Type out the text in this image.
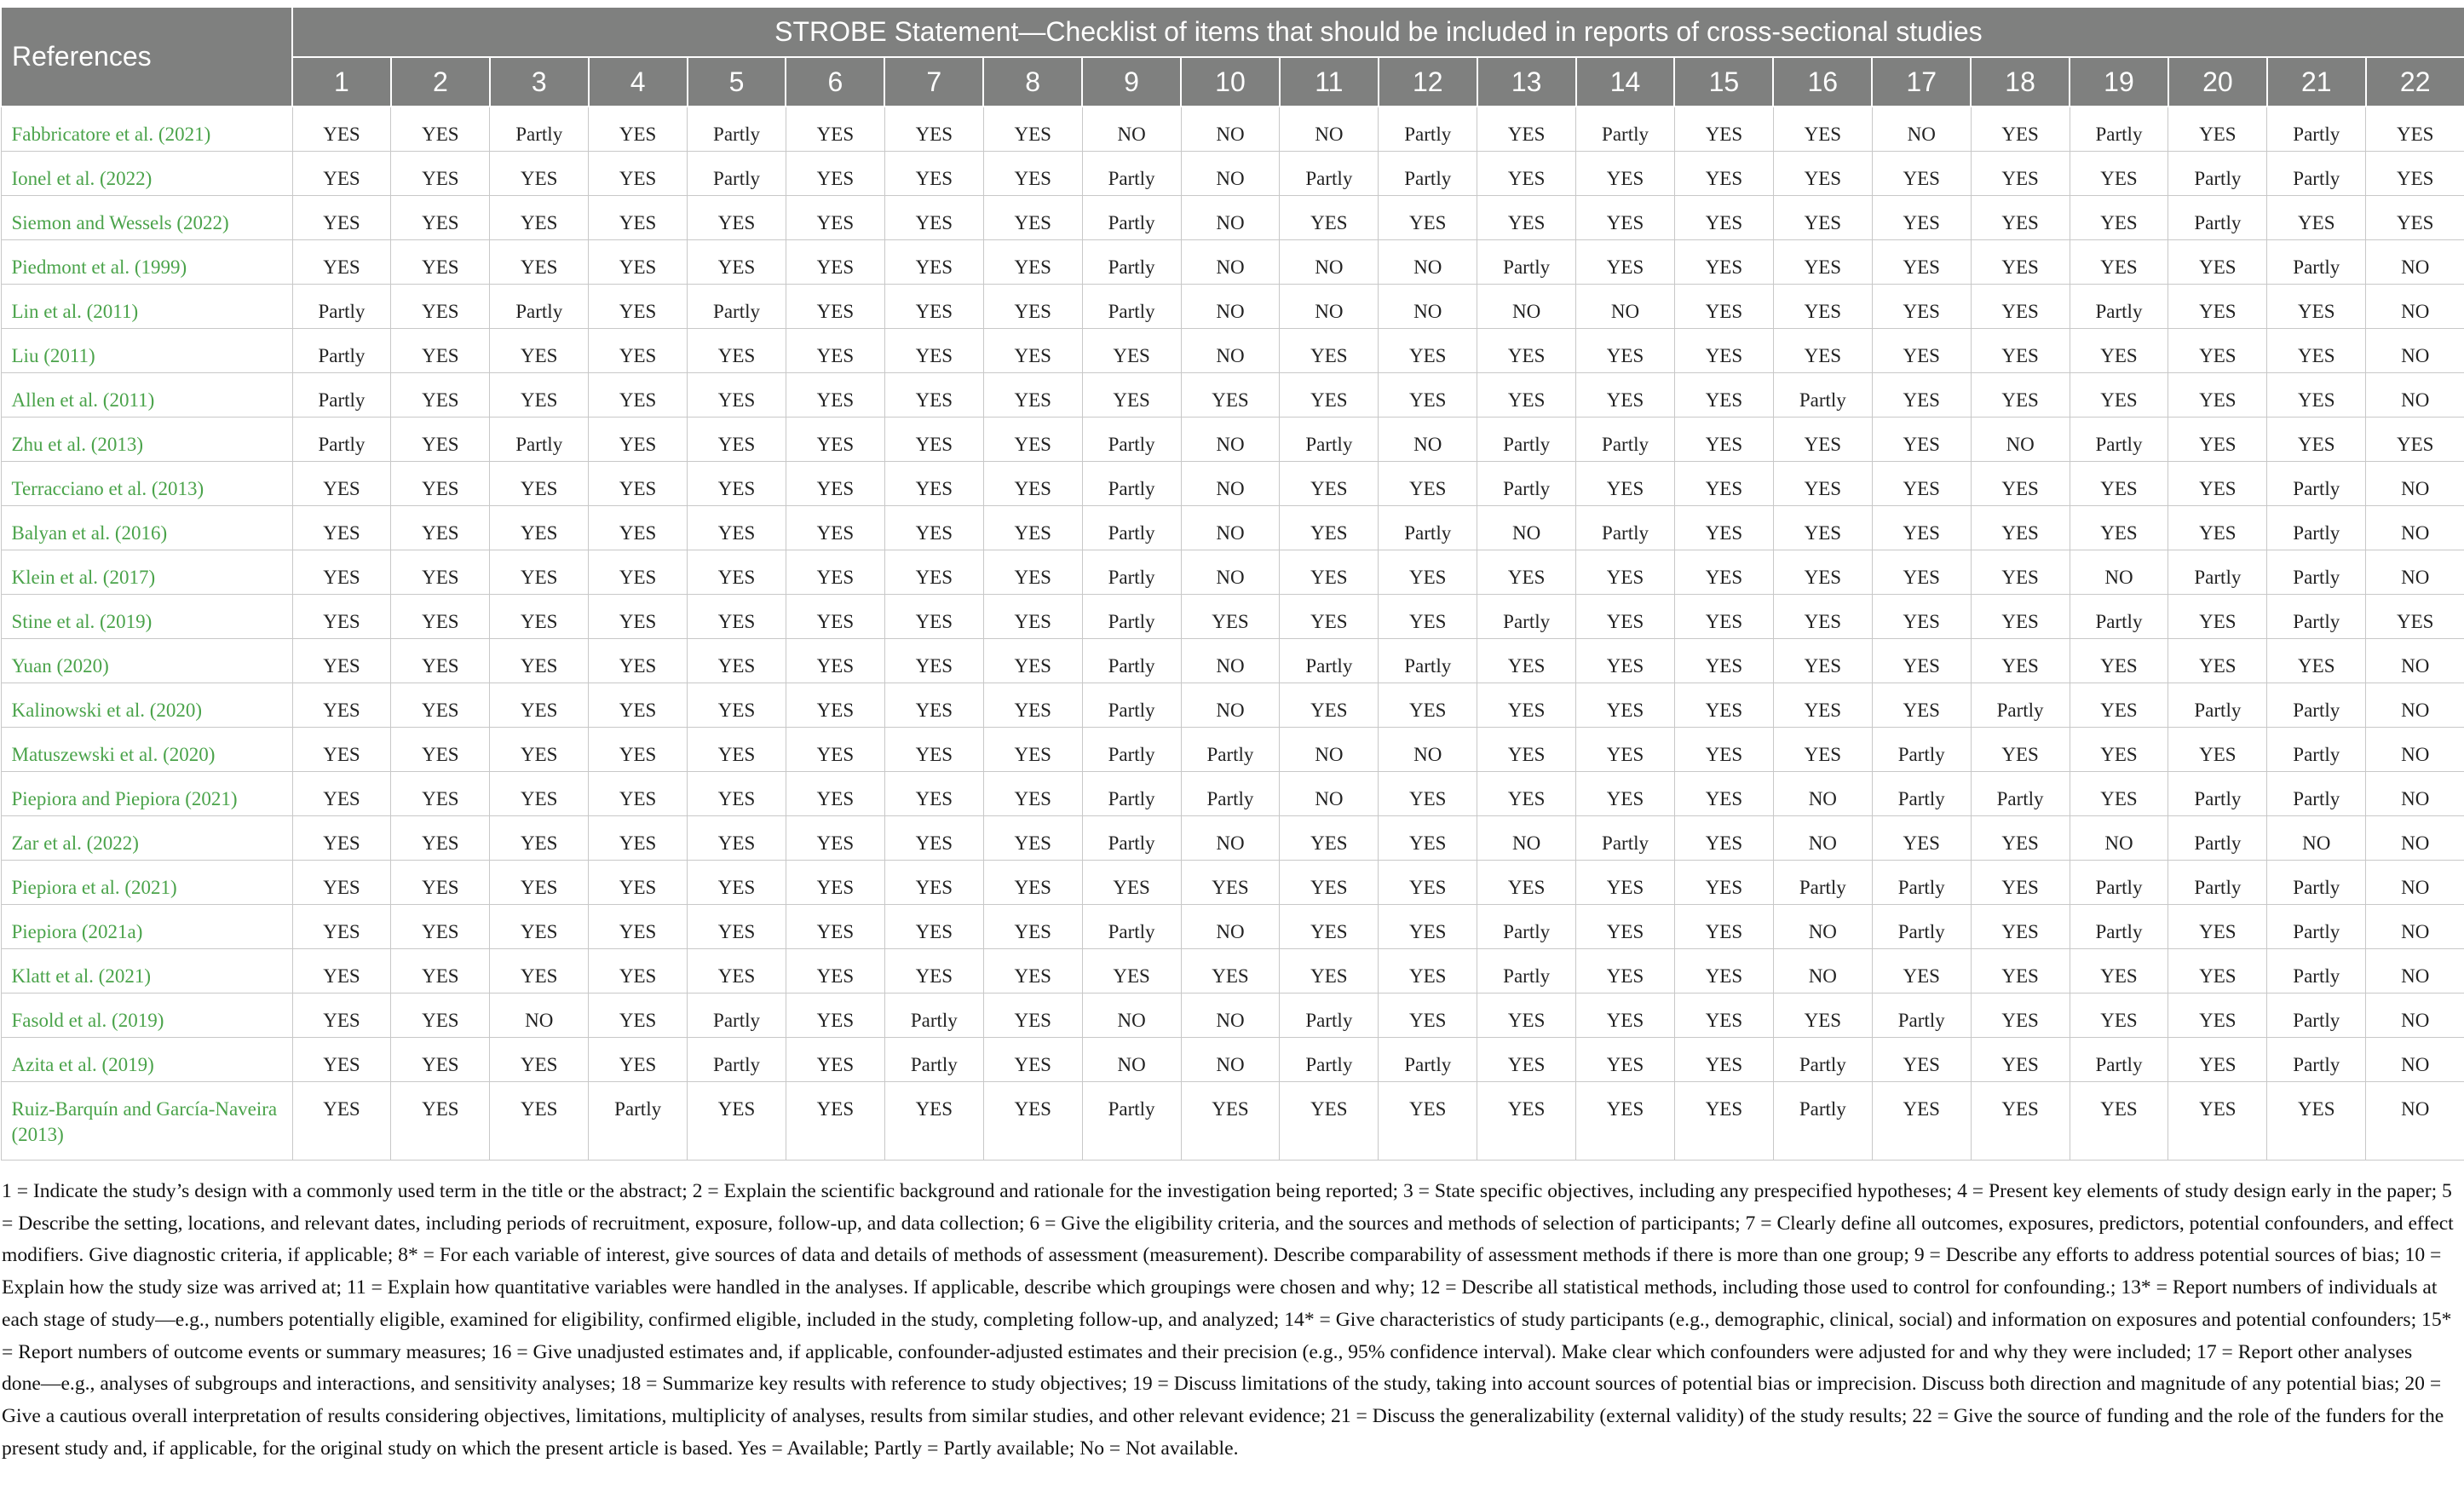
References	STROBE Statement—Checklist of items that should be included in reports of cross-sectional studies																					
	1	2	3	4	5	6	7	8	9	10	11	12	13	14	15	16	17	18	19	20	21	22
Fabbricatore et al. (2021)	YES	YES	Partly	YES	Partly	YES	YES	YES	NO	NO	NO	Partly	YES	Partly	YES	YES	NO	YES	Partly	YES	Partly	YES
Ionel et al. (2022)	YES	YES	YES	YES	Partly	YES	YES	YES	Partly	NO	Partly	Partly	YES	YES	YES	YES	YES	YES	YES	Partly	Partly	YES
Siemon and Wessels (2022)	YES	YES	YES	YES	YES	YES	YES	YES	Partly	NO	YES	YES	YES	YES	YES	YES	YES	YES	YES	Partly	YES	YES
Piedmont et al. (1999)	YES	YES	YES	YES	YES	YES	YES	YES	Partly	NO	NO	NO	Partly	YES	YES	YES	YES	YES	YES	YES	Partly	NO
Lin et al. (2011)	Partly	YES	Partly	YES	Partly	YES	YES	YES	Partly	NO	NO	NO	NO	NO	YES	YES	YES	YES	Partly	YES	YES	NO
Liu (2011)	Partly	YES	YES	YES	YES	YES	YES	YES	YES	NO	YES	YES	YES	YES	YES	YES	YES	YES	YES	YES	YES	NO
Allen et al. (2011)	Partly	YES	YES	YES	YES	YES	YES	YES	YES	YES	YES	YES	YES	YES	YES	Partly	YES	YES	YES	YES	YES	NO
Zhu et al. (2013)	Partly	YES	Partly	YES	YES	YES	YES	YES	Partly	NO	Partly	NO	Partly	Partly	YES	YES	YES	NO	Partly	YES	YES	YES
Terracciano et al. (2013)	YES	YES	YES	YES	YES	YES	YES	YES	Partly	NO	YES	YES	Partly	YES	YES	YES	YES	YES	YES	YES	Partly	NO
Balyan et al. (2016)	YES	YES	YES	YES	YES	YES	YES	YES	Partly	NO	YES	Partly	NO	Partly	YES	YES	YES	YES	YES	YES	Partly	NO
Klein et al. (2017)	YES	YES	YES	YES	YES	YES	YES	YES	Partly	NO	YES	YES	YES	YES	YES	YES	YES	YES	NO	Partly	Partly	NO
Stine et al. (2019)	YES	YES	YES	YES	YES	YES	YES	YES	Partly	YES	YES	YES	Partly	YES	YES	YES	YES	YES	Partly	YES	Partly	YES
Yuan (2020)	YES	YES	YES	YES	YES	YES	YES	YES	Partly	NO	Partly	Partly	YES	YES	YES	YES	YES	YES	YES	YES	YES	NO
Kalinowski et al. (2020)	YES	YES	YES	YES	YES	YES	YES	YES	Partly	NO	YES	YES	YES	YES	YES	YES	YES	Partly	YES	Partly	Partly	NO
Matuszewski et al. (2020)	YES	YES	YES	YES	YES	YES	YES	YES	Partly	Partly	NO	NO	YES	YES	YES	YES	Partly	YES	YES	YES	Partly	NO
Piepiora and Piepiora (2021)	YES	YES	YES	YES	YES	YES	YES	YES	Partly	Partly	NO	YES	YES	YES	YES	NO	Partly	Partly	YES	Partly	Partly	NO
Zar et al. (2022)	YES	YES	YES	YES	YES	YES	YES	YES	Partly	NO	YES	YES	NO	Partly	YES	NO	YES	YES	NO	Partly	NO	NO
Piepiora et al. (2021)	YES	YES	YES	YES	YES	YES	YES	YES	YES	YES	YES	YES	YES	YES	YES	Partly	Partly	YES	Partly	Partly	Partly	NO
Piepiora (2021a)	YES	YES	YES	YES	YES	YES	YES	YES	Partly	NO	YES	YES	Partly	YES	YES	NO	Partly	YES	Partly	YES	Partly	NO
Klatt et al. (2021)	YES	YES	YES	YES	YES	YES	YES	YES	YES	YES	YES	YES	Partly	YES	YES	NO	YES	YES	YES	YES	Partly	NO
Fasold et al. (2019)	YES	YES	NO	YES	Partly	YES	Partly	YES	NO	NO	Partly	YES	YES	YES	YES	YES	Partly	YES	YES	YES	Partly	NO
Azita et al. (2019)	YES	YES	YES	YES	Partly	YES	Partly	YES	NO	NO	Partly	Partly	YES	YES	YES	Partly	YES	YES	Partly	YES	Partly	NO
Ruiz-Barquín and García-Naveira (2013)	YES	YES	YES	Partly	YES	YES	YES	YES	Partly	YES	YES	YES	YES	YES	YES	Partly	YES	YES	YES	YES	YES	NO

1 = Indicate the study’s design with a commonly used term in the title or the abstract; 2 = Explain the scientific background and rationale for the investigation being reported; 3 = State specific objectives, including any prespecified hypotheses; 4 = Present key elements of study design early in the paper; 5 = Describe the setting, locations, and relevant dates, including periods of recruitment, exposure, follow-up, and data collection; 6 = Give the eligibility criteria, and the sources and methods of selection of participants; 7 = Clearly define all outcomes, exposures, predictors, potential confounders, and effect modifiers. Give diagnostic criteria, if applicable; 8* = For each variable of interest, give sources of data and details of methods of assessment (measurement). Describe comparability of assessment methods if there is more than one group; 9 = Describe any efforts to address potential sources of bias; 10 = Explain how the study size was arrived at; 11 = Explain how quantitative variables were handled in the analyses. If applicable, describe which groupings were chosen and why; 12 = Describe all statistical methods, including those used to control for confounding.; 13* = Report numbers of individuals at each stage of study—e.g., numbers potentially eligible, examined for eligibility, confirmed eligible, included in the study, completing follow-up, and analyzed; 14* = Give characteristics of study participants (e.g., demographic, clinical, social) and information on exposures and potential confounders; 15* = Report numbers of outcome events or summary measures; 16 = Give unadjusted estimates and, if applicable, confounder-adjusted estimates and their precision (e.g., 95% confidence interval). Make clear which confounders were adjusted for and why they were included; 17 = Report other analyses done—e.g., analyses of subgroups and interactions, and sensitivity analyses; 18 = Summarize key results with reference to study objectives; 19 = Discuss limitations of the study, taking into account sources of potential bias or imprecision. Discuss both direction and magnitude of any potential bias; 20 = Give a cautious overall interpretation of results considering objectives, limitations, multiplicity of analyses, results from similar studies, and other relevant evidence; 21 = Discuss the generalizability (external validity) of the study results; 22 = Give the source of funding and the role of the funders for the present study and, if applicable, for the original study on which the present article is based. Yes = Available; Partly = Partly available; No = Not available.
